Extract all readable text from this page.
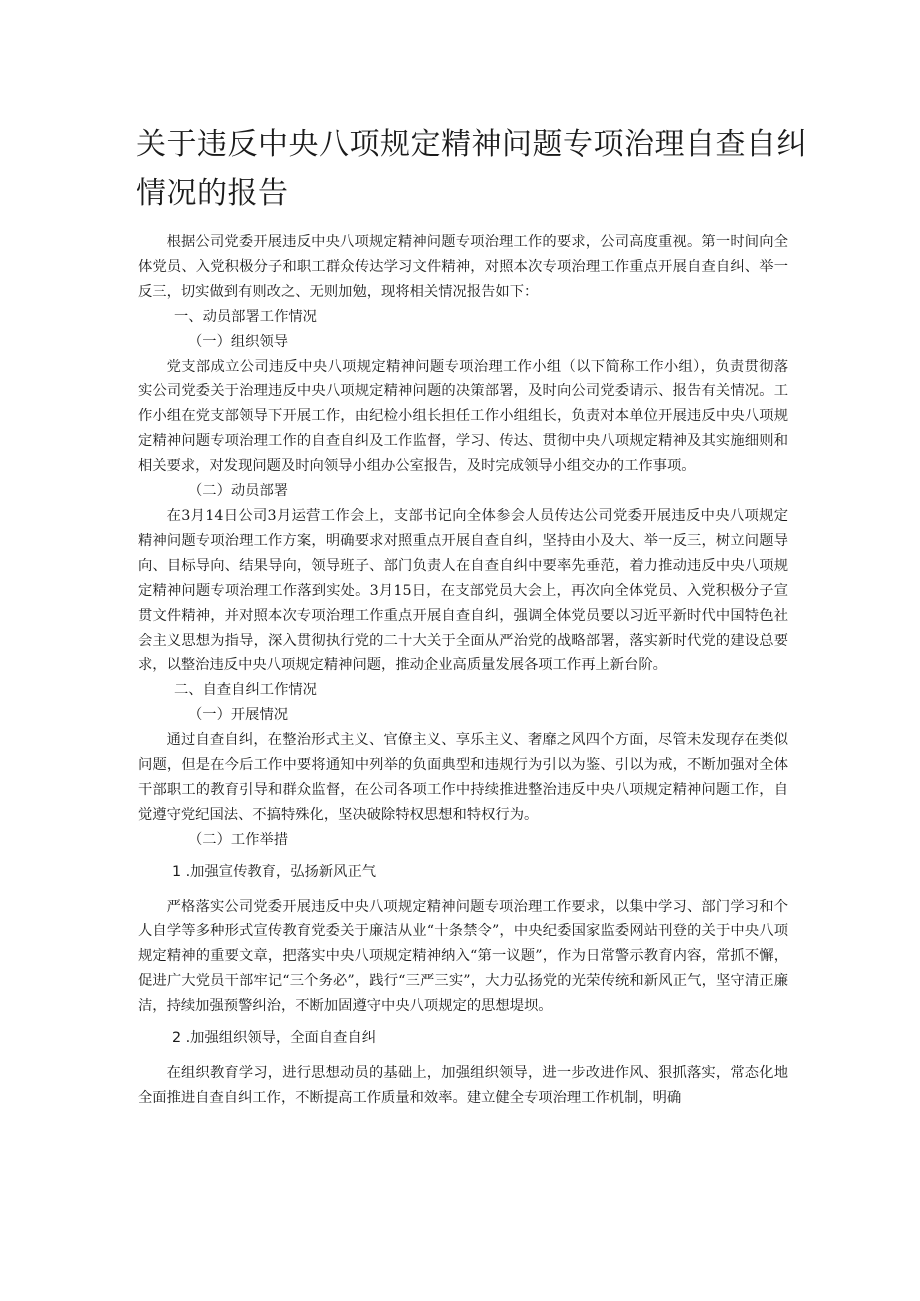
关于违反中央八项规定精神问题专项治理自查自纠
情况的报告

根据公司党委开展违反中央八项规定精神问题专项治理工作的要求，公司高度重视。第一时间向全体党员、入党积极分子和职工群众传达学习文件精神，对照本次专项治理工作重点开展自查自纠、举一反三，切实做到有则改之、无则加勉，现将相关情况报告如下：

一、动员部署工作情况
（一）组织领导

党支部成立公司违反中央八项规定精神问题专项治理工作小组（以下简称工作小组），负责贯彻落实公司党委关于治理违反中央八项规定精神问题的决策部署，及时向公司党委请示、报告有关情况。工作小组在党支部领导下开展工作，由纪检小组长担任工作小组组长，负责对本单位开展违反中央八项规定精神问题专项治理工作的自查自纠及工作监督，学习、传达、贯彻中央八项规定精神及其实施细则和相关要求，对发现问题及时向领导小组办公室报告，及时完成领导小组交办的工作事项。

（二）动员部署

在3月14日公司3月运营工作会上，支部书记向全体参会人员传达公司党委开展违反中央八项规定精神问题专项治理工作方案，明确要求对照重点开展自查自纠，坚持由小及大、举一反三，树立问题导向、目标导向、结果导向，领导班子、部门负责人在自查自纠中要率先垂范，着力推动违反中央八项规定精神问题专项治理工作落到实处。3月15日，在支部党员大会上，再次向全体党员、入党积极分子宣贯文件精神，并对照本次专项治理工作重点开展自查自纠，强调全体党员要以习近平新时代中国特色社会主义思想为指导，深入贯彻执行党的二十大关于全面从严治党的战略部署，落实新时代党的建设总要求，以整治违反中央八项规定精神问题，推动企业高质量发展各项工作再上新台阶。

二、自查自纠工作情况
（一）开展情况

通过自查自纠，在整治形式主义、官僚主义、享乐主义、奢靡之风四个方面，尽管未发现存在类似问题，但是在今后工作中要将通知中列举的负面典型和违规行为引以为鉴、引以为戒，不断加强对全体干部职工的教育引导和群众监督，在公司各项工作中持续推进整治违反中央八项规定精神问题工作，自觉遵守党纪国法、不搞特殊化，坚决破除特权思想和特权行为。

（二）工作举措
1 .加强宣传教育，弘扬新风正气

严格落实公司党委开展违反中央八项规定精神问题专项治理工作要求，以集中学习、部门学习和个人自学等多种形式宣传教育党委关于廉洁从业“十条禁令”，中央纪委国家监委网站刊登的关于中央八项规定精神的重要文章，把落实中央八项规定精神纳入“第一议题”，作为日常警示教育内容，常抓不懈，促进广大党员干部牢记“三个务必”，践行“三严三实”，大力弘扬党的光荣传统和新风正气，坚守清正廉洁，持续加强预警纠治，不断加固遵守中央八项规定的思想堤坝。

2 .加强组织领导，全面自查自纠

在组织教育学习，进行思想动员的基础上，加强组织领导，进一步改进作风、狠抓落实，常态化地全面推进自查自纠工作，不断提高工作质量和效率。建立健全专项治理工作机制，明确
